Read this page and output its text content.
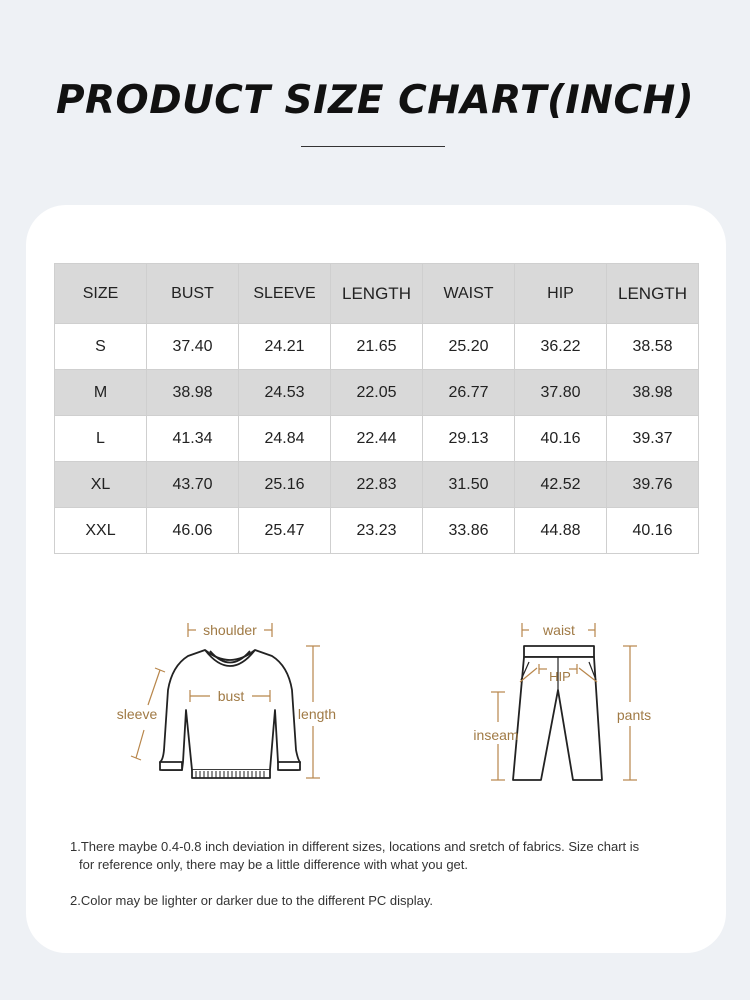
PRODUCT SIZE CHART(INCH)
SIZE	BUST	SLEEVE	LENGTH	WAIST	HIP	LENGTH
S	37.40	24.21	21.65	25.20	36.22	38.58
M	38.98	24.53	22.05	26.77	37.80	38.98
L	41.34	24.84	22.44	29.13	40.16	39.37
XL	43.70	25.16	22.83	31.50	42.52	39.76
XXL	46.06	25.47	23.23	33.86	44.88	40.16
shoulder
bust
sleeve	length
waist
HIP
inseam
pants
1.There maybe 0.4-0.8 inch deviation in different sizes, locations and sretch of fabrics. Size chart is
for reference only, there may be a little difference with what you get.
2.Color may be lighter or darker due to the different PC display.
